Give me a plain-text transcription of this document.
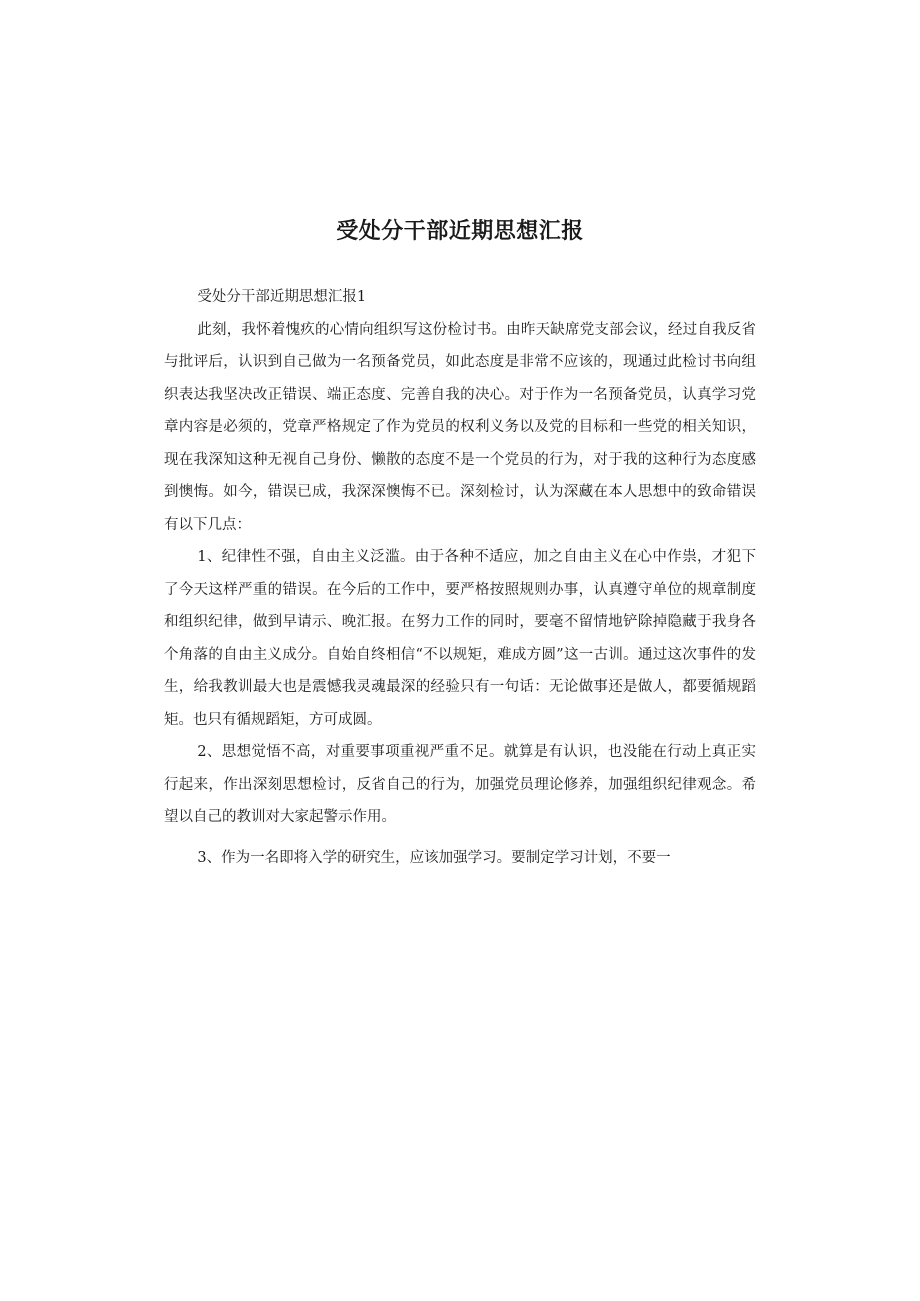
受处分干部近期思想汇报

受处分干部近期思想汇报1

此刻，我怀着愧疚的心情向组织写这份检讨书。由昨天缺席党支部会议，经过自我反省与批评后，认识到自己做为一名预备党员，如此态度是非常不应该的，现通过此检讨书向组织表达我坚决改正错误、端正态度、完善自我的决心。对于作为一名预备党员，认真学习党章内容是必须的，党章严格规定了作为党员的权利义务以及党的目标和一些党的相关知识，现在我深知这种无视自己身份、懒散的态度不是一个党员的行为，对于我的这种行为态度感到懊悔。如今，错误已成，我深深懊悔不已。深刻检讨，认为深藏在本人思想中的致命错误有以下几点：

1、纪律性不强，自由主义泛滥。由于各种不适应，加之自由主义在心中作祟，才犯下了今天这样严重的错误。在今后的工作中，要严格按照规则办事，认真遵守单位的规章制度和组织纪律，做到早请示、晚汇报。在努力工作的同时，要毫不留情地铲除掉隐藏于我身各个角落的自由主义成分。自始自终相信“不以规矩，难成方圆”这一古训。通过这次事件的发生，给我教训最大也是震憾我灵魂最深的经验只有一句话：无论做事还是做人，都要循规蹈矩。也只有循规蹈矩，方可成圆。

2、思想觉悟不高，对重要事项重视严重不足。就算是有认识，也没能在行动上真正实行起来，作出深刻思想检讨，反省自己的行为，加强党员理论修养，加强组织纪律观念。希望以自己的教训对大家起警示作用。

3、作为一名即将入学的研究生，应该加强学习。要制定学习计划，不要一
